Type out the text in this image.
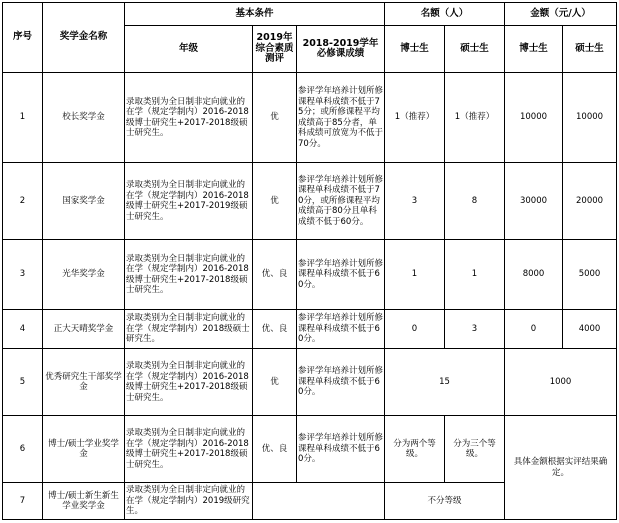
序号	奖学金名称	基本条件			名额（人）		金额（元/人）	
		年级	2019年综合素质测评	2018-2019学年必修课成绩	博士生	硕士生	博士生	硕士生
1	校长奖学金	录取类别为全日制非定向就业的在学（规定学制内）2016-2018级博士研究生+2017-2018级硕士研究生。	优	参评学年培养计划所修课程单科成绩不低于75分；或所修课程平均成绩高于85分者，单科成绩可放宽为不低于70分。	1（推荐）	1（推荐）	10000	10000
2	国家奖学金	录取类别为全日制非定向就业的在学（规定学制内）2016-2018级博士研究生+2017-2019级硕士研究生。	优	参评学年培养计划所修课程单科成绩不低于70分，或所修课程平均成绩高于80分且单科成绩不低于60分。	3	8	30000	20000
3	光华奖学金	录取类别为全日制非定向就业的在学（规定学制内）2016-2018级博士研究生+2017-2018级硕士研究生。	优、良	参评学年培养计划所修课程单科成绩不低于60分。	1	1	8000	5000
4	正大天晴奖学金	录取类别为全日制非定向就业的在学（规定学制内）2018级硕士研究生。	优、良	参评学年培养计划所修课程单科成绩不低于60分。	0	3	0	4000
5	优秀研究生干部奖学金	录取类别为全日制非定向就业的在学（规定学制内）2016-2018级博士研究生+2017-2018级硕士研究生。	优	参评学年培养计划所修课程单科成绩不低于60分。	15		1000	
6	博士/硕士学业奖学金	录取类别为全日制非定向就业的在学（规定学制内）2016-2018级博士研究生+2017-2018级硕士研究生。	优、良	参评学年培养计划所修课程单科成绩不低于60分。	分为两个等级。	分为三个等级。	具体金额根据实评结果确定。	
7	博士/硕士新生新生学业奖学金	录取类别为全日制非定向就业的在学（规定学制内）2019级研究生。			不分等级			
